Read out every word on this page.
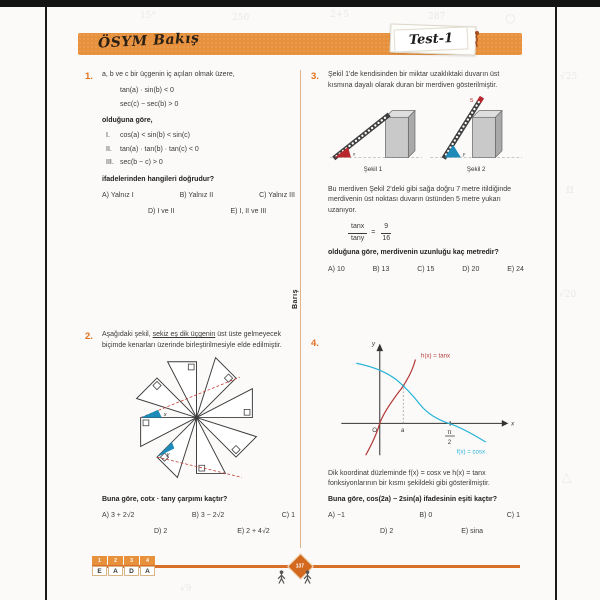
15°	250	2+5	287	○
√25
π
√20
△
√9
ÖSYM Bakış	Test-1
Barış
1.	a, b ve c bir üçgenin iç açıları olmak üzere,
tan(a) · sin(b) < 0
sec(c) − sec(b) > 0
olduğuna göre,
I.	cos(a) < sin(b) < sin(c)
II.	tan(a) · tan(b) · tan(c) < 0
III. sec(b − c) > 0
ifadelerinden hangileri doğrudur?
A) Yalnız I	B) Yalnız II	C) Yalnız III
D) I ve II	E) I, II ve III
3.	Şekil 1'de kendisinden bir miktar uzaklıktaki duvarın üst kısmına dayalı olarak duran bir merdiven gösterilmiştir.
x
Şekil 1
y
5
Şekil 2
Bu merdiven Şekil 2'deki gibi sağa doğru 7 metre itildiğinde merdivenin üst noktası duvarın üstünden 5 metre yukarı uzanıyor.
$\frac{\tan x}{\tan y} = \frac{9}{16}$
olduğuna göre, merdivenin uzunluğu kaç metredir?
A) 10	B) 13	C) 15	D) 20	E) 24
2.	Aşağıdaki şekil, sekiz eş dik üçgenin üst üste gelmeyecek biçimde kenarları üzerinde birleştirilmesiyle elde edilmiştir.
x
y
Buna göre, cotx · tany çarpımı kaçtır?
A) 3 + 2√2	B) 3 − 2√2	C) 1
D) 2	E) 2 + 4√2
4.	y
x
O	a	π
2
h(x) = tanx
f(x) = cosx
Dik koordinat düzleminde f(x) = cosx ve h(x) = tanx fonksiyonlarının bir kısmı şekildeki gibi gösterilmiştir.
Buna göre, cos(2a) − 2sin(a) ifadesinin eşiti kaçtır?
A) −1	B) 0	C) 1
D) 2	E) sina
1	2	3	4
E	A	D	A
137
